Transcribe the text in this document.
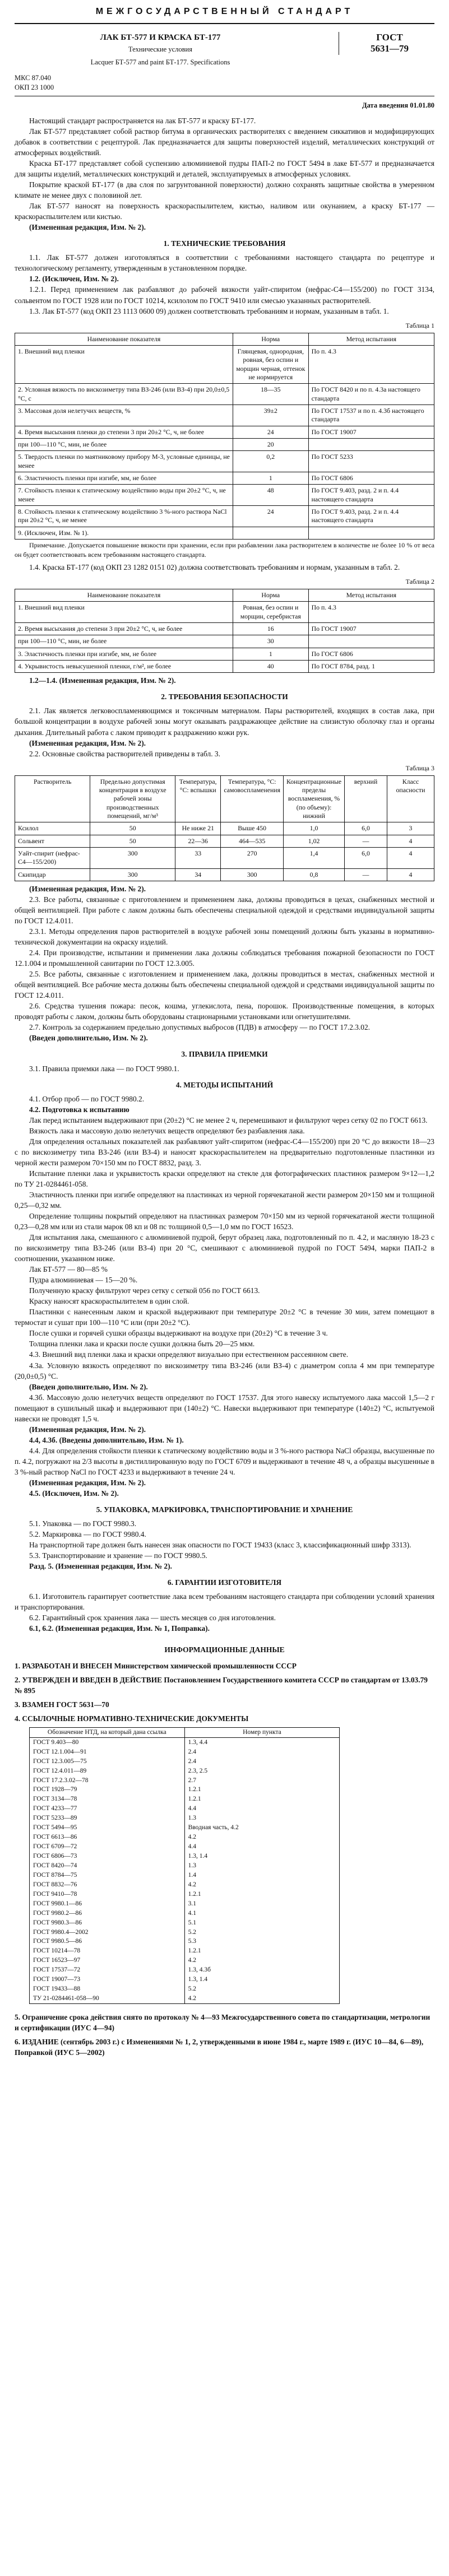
МЕЖГОСУДАРСТВЕННЫЙ СТАНДАРТ
ЛАК БТ-577 И КРАСКА БТ-177
Технические условия
Lacquer БТ-577 and paint БТ-177. Specifications
МКС 87.040
ОКП 23 1000
ГОСТ
5631—79
Дата введения 01.01.80

Настоящий стандарт распространяется на лак БТ-577 и краску БТ-177.

Лак БТ-577 представляет собой раствор битума в органических растворителях с введением сиккативов и модифицирующих добавок в соответствии с рецептурой. Лак предназначается для защиты поверхностей изделий, металлических конструкций от атмосферных воздействий.

Краска БТ-177 представляет собой суспензию алюминиевой пудры ПАП-2 по ГОСТ 5494 в лаке БТ-577 и предназначается для защиты изделий, металлических конструкций и деталей, эксплуатируемых в атмосферных условиях.

Покрытие краской БТ-177 (в два слоя по загрунтованной поверхности) должно сохранять защитные свойства в умеренном климате не менее двух с половиной лет.

Лак БТ-577 наносят на поверхность краскораспылителем, кистью, наливом или окунанием, а краску БТ-177 — краскораспылителем или кистью.

(Измененная редакция, Изм. № 2).

1. ТЕХНИЧЕСКИЕ ТРЕБОВАНИЯ

1.1. Лак БТ-577 должен изготовляться в соответствии с требованиями настоящего стандарта по рецептуре и технологическому регламенту, утвержденным в установленном порядке.

1.2. (Исключен, Изм. № 2).

1.2.1. Перед применением лак разбавляют до рабочей вязкости уайт-спиритом (нефрас-С4—155/200) по ГОСТ 3134, сольвентом по ГОСТ 1928 или по ГОСТ 10214, ксилолом по ГОСТ 9410 или смесью указанных растворителей.

1.3. Лак БТ-577 (код ОКП 23 1113 0600 09) должен соответствовать требованиям и нормам, указанным в табл. 1.

Таблица 1
Наименование показателя	Норма	Метод испытания
1. Внешний вид пленки	Глянцевая, однородная, ровная, без оспин и морщин черная, оттенок не нормируется	По п. 4.3
2. Условная вязкость по вискозиметру типа ВЗ-246 (или ВЗ-4) при 20,0±0,5 °С, с	18—35	По ГОСТ 8420 и по п. 4.3а настоящего стандарта
3. Массовая доля нелетучих веществ, %	39±2	По ГОСТ 17537 и по п. 4.3б настоящего стандарта
4. Время высыхания пленки до степени 3 при 20±2 °С, ч, не более	24	По ГОСТ 19007
при 100—110 °С, мин, не более	20	
5. Твердость пленки по маятниковому прибору М-3, условные единицы, не менее	0,2	По ГОСТ 5233
6. Эластичность пленки при изгибе, мм, не более	1	По ГОСТ 6806
7. Стойкость пленки к статическому воздействию воды при 20±2 °С, ч, не менее	48	По ГОСТ 9.403, разд. 2 и п. 4.4 настоящего стандарта
8. Стойкость пленки к статическому воздействию 3 %-ного раствора NaCl при 20±2 °С, ч, не менее	24	По ГОСТ 9.403, разд. 2 и п. 4.4 настоящего стандарта
9. (Исключен, Изм. № 1).		
Примечание. Допускается повышение вязкости при хранении, если при разбавлении лака растворителем в количестве не более 10 % от веса он будет соответствовать всем требованиям настоящего стандарта.

1.4. Краска БТ-177 (код ОКП 23 1282 0151 02) должна соответствовать требованиям и нормам, указанным в табл. 2.

Таблица 2
Наименование показателя	Норма	Метод испытания
1. Внешний вид пленки	Ровная, без оспин и морщин, серебристая	По п. 4.3
2. Время высыхания до степени 3 при 20±2 °С, ч, не более	16	По ГОСТ 19007
при 100—110 °С, мин, не более	30	
3. Эластичность пленки при изгибе, мм, не более	1	По ГОСТ 6806
4. Укрывистость невысушенной пленки, г/м², не более	40	По ГОСТ 8784, разд. 1

1.2—1.4. (Измененная редакция, Изм. № 2).

2. ТРЕБОВАНИЯ БЕЗОПАСНОСТИ

2.1. Лак является легковоспламеняющимся и токсичным материалом. Пары растворителей, входящих в состав лака, при большой концентрации в воздухе рабочей зоны могут оказывать раздражающее действие на слизистую оболочку глаз и органы дыхания. Длительный работа с лаком приводит к раздражению кожи рук.

(Измененная редакция, Изм. № 2).

2.2. Основные свойства растворителей приведены в табл. 3.

Таблица 3
Растворитель	Предельно допустимая концентрация в воздухе рабочей зоны производственных помещений, мг/м³	Температура, °С: вспышки	Температура, °С: самовоспламенения	Концентрационные пределы воспламенения, % (по объему): нижний	верхний	Класс опасности
Ксилол	50	Не ниже 21	Выше 450	1,0	6,0	3
Сольвент	50	22—36	464—535	1,02	—	4
Уайт-спирит (нефрас-С4—155/200)	300	33	270	1,4	6,0	4
Скипидар	300	34	300	0,8	—	4

(Измененная редакция, Изм. № 2).

2.3. Все работы, связанные с приготовлением и применением лака, должны проводиться в цехах, снабженных местной и общей вентиляцией. При работе с лаком должны быть обеспечены специальной одеждой и средствами индивидуальной защиты по ГОСТ 12.4.011.

2.3.1. Методы определения паров растворителей в воздухе рабочей зоны помещений должны быть указаны в нормативно-технической документации на окраску изделий.

2.4. При производстве, испытании и применении лака должны соблюдаться требования пожарной безопасности по ГОСТ 12.1.004 и промышленной санитарии по ГОСТ 12.3.005.

2.5. Все работы, связанные с изготовлением и применением лака, должны проводиться в местах, снабженных местной и общей вентиляцией. Все рабочие места должны быть обеспечены специальной одеждой и средствами индивидуальной защиты по ГОСТ 12.4.011.

2.6. Средства тушения пожара: песок, кошма, углекислота, пена, порошок. Производственные помещения, в которых проводят работы с лаком, должны быть оборудованы стационарными установками или огнетушителями.

2.7. Контроль за содержанием предельно допустимых выбросов (ПДВ) в атмосферу — по ГОСТ 17.2.3.02.

(Введен дополнительно, Изм. № 2).

3. ПРАВИЛА ПРИЕМКИ

3.1. Правила приемки лака — по ГОСТ 9980.1.

4. МЕТОДЫ ИСПЫТАНИЙ

4.1. Отбор проб — по ГОСТ 9980.2.

4.2. Подготовка к испытанию

Лак перед испытанием выдерживают при (20±2) °С не менее 2 ч, перемешивают и фильтруют через сетку 02 по ГОСТ 6613.

Вязкость лака и массовую долю нелетучих веществ определяют без разбавления лака.

Для определения остальных показателей лак разбавляют уайт-спиритом (нефрас-С4—155/200) при 20 °С до вязкости 18—23 с по вискозиметру типа ВЗ-246 (или ВЗ-4) и наносят краскораспылителем на предварительно подготовленные пластинки из черной жести размером 70×150 мм по ГОСТ 8832, разд. 3.

Испытание пленки лака и укрывистость краски определяют на стекле для фотографических пластинок размером 9×12—1,2 по ТУ 21-0284461-058.

Эластичность пленки при изгибе определяют на пластинках из черной горячекатаной жести размером 20×150 мм и толщиной 0,25—0,32 мм.

Определение толщины покрытий определяют на пластинках размером 70×150 мм из черной горячекатаной жести толщиной 0,23—0,28 мм или из стали марок 08 кп и 08 пс толщиной 0,5—1,0 мм по ГОСТ 16523.

Для испытания лака, смешанного с алюминиевой пудрой, берут образец лака, подготовленный по п. 4.2, и масляную 18-23 с по вискозиметру типа ВЗ-246 (или ВЗ-4) при 20 °С, смешивают с алюминиевой пудрой по ГОСТ 5494, марки ПАП-2 в соотношении, указанном ниже.

Лак БТ-577 — 80—85 %

Пудра алюминиевая — 15—20 %.

Полученную краску фильтруют через сетку с сеткой 056 по ГОСТ 6613.

Краску наносят краскораспылителем в один слой.

Пластинки с нанесенным лаком и краской выдерживают при температуре 20±2 °С в течение 30 мин, затем помещают в термостат и сушат при 100—110 °С или (при 20±2 °С).

После сушки и горячей сушки образцы выдерживают на воздухе при (20±2) °С в течение 3 ч.

Толщина пленки лака и краски после сушки должна быть 20—25 мкм.

4.3. Внешний вид пленки лака и краски определяют визуально при естественном рассеянном свете.

4.3а. Условную вязкость определяют по вискозиметру типа ВЗ-246 (или ВЗ-4) с диаметром сопла 4 мм при температуре (20,0±0,5) °С.

(Введен дополнительно, Изм. № 2).

4.3б. Массовую долю нелетучих веществ определяют по ГОСТ 17537. Для этого навеску испытуемого лака массой 1,5—2 г помещают в сушильный шкаф и выдерживают при (140±2) °С. Навески выдерживают при температуре (140±2) °С, испытуемой навески не проводят 1,5 ч.

(Измененная редакция, Изм. № 2).

4.4, 4.3б. (Введены дополнительно, Изм. № 1).

4.4. Для определения стойкости пленки к статическому воздействию воды и 3 %-ного раствора NaCl образцы, высушенные по п. 4.2, погружают на 2/3 высоты в дистиллированную воду по ГОСТ 6709 и выдерживают в течение 48 ч, а образцы высушенные в 3 %-ный раствор NaCl по ГОСТ 4233 и выдерживают в течение 24 ч.

(Измененная редакция, Изм. № 2).

4.5. (Исключен, Изм. № 2).

5. УПАКОВКА, МАРКИРОВКА, ТРАНСПОРТИРОВАНИЕ И ХРАНЕНИЕ

5.1. Упаковка — по ГОСТ 9980.3.

5.2. Маркировка — по ГОСТ 9980.4.

На транспортной таре должен быть нанесен знак опасности по ГОСТ 19433 (класс 3, классификационный шифр 3313).

5.3. Транспортирование и хранение — по ГОСТ 9980.5.

Разд. 5. (Измененная редакция, Изм. № 2).

6. ГАРАНТИИ ИЗГОТОВИТЕЛЯ

6.1. Изготовитель гарантирует соответствие лака всем требованиям настоящего стандарта при соблюдении условий хранения и транспортирования.

6.2. Гарантийный срок хранения лака — шесть месяцев со дня изготовления.

6.1, 6.2. (Измененная редакция, Изм. № 1, Поправка).

ИНФОРМАЦИОННЫЕ ДАННЫЕ
1. РАЗРАБОТАН И ВНЕСЕН Министерством химической промышленности СССР
2. УТВЕРЖДЕН И ВВЕДЕН В ДЕЙСТВИЕ Постановлением Государственного комитета СССР по стандартам от 13.03.79 № 895
3. ВЗАМЕН ГОСТ 5631—70
4. ССЫЛОЧНЫЕ НОРМАТИВНО-ТЕХНИЧЕСКИЕ ДОКУМЕНТЫ
Обозначение НТД, на который дана ссылка	Номер пункта
ГОСТ 9.403—80	1.3, 4.4
ГОСТ 12.1.004—91	2.4
ГОСТ 12.3.005—75	2.4
ГОСТ 12.4.011—89	2.3, 2.5
ГОСТ 17.2.3.02—78	2.7
ГОСТ 1928—79	1.2.1
ГОСТ 3134—78	1.2.1
ГОСТ 4233—77	4.4
ГОСТ 5233—89	1.3
ГОСТ 5494—95	Вводная часть, 4.2
ГОСТ 6613—86	4.2
ГОСТ 6709—72	4.4
ГОСТ 6806—73	1.3, 1.4
ГОСТ 8420—74	1.3
ГОСТ 8784—75	1.4
ГОСТ 8832—76	4.2
ГОСТ 9410—78	1.2.1
ГОСТ 9980.1—86	3.1
ГОСТ 9980.2—86	4.1
ГОСТ 9980.3—86	5.1
ГОСТ 9980.4—2002	5.2
ГОСТ 9980.5—86	5.3
ГОСТ 10214—78	1.2.1
ГОСТ 16523—97	4.2
ГОСТ 17537—72	1.3, 4.3б
ГОСТ 19007—73	1.3, 1.4
ГОСТ 19433—88	5.2
ТУ 21-0284461-058—90	4.2
5. Ограничение срока действия снято по протоколу № 4—93 Межгосударственного совета по стандартизации, метрологии и сертификации (ИУС 4—94)
6. ИЗДАНИЕ (сентябрь 2003 г.) с Изменениями № 1, 2, утвержденными в июне 1984 г., марте 1989 г. (ИУС 10—84, 6—89), Поправкой (ИУС 5—2002)
